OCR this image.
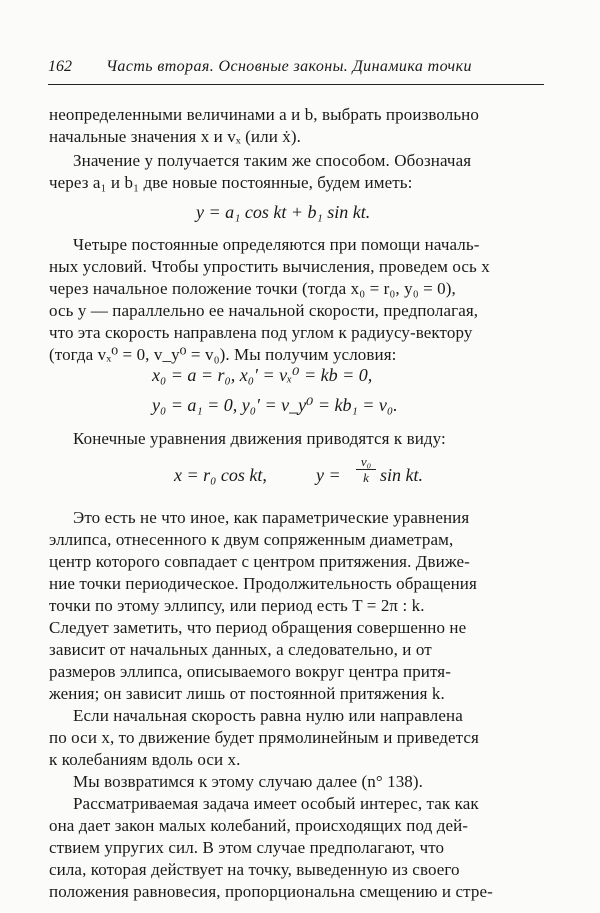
162 Часть вторая. Основные законы. Динамика точки
неопределенными величинами a и b, выбрать произвольно
начальные значения x и vₓ (или ẋ).
Значение y получается таким же способом. Обозначая
через a₁ и b₁ две новые постоянные, будем иметь:
y = a₁ cos kt + b₁ sin kt.
Четыре постоянные определяются при помощи началь-
ных условий. Чтобы упростить вычисления, проведем ось x
через начальное положение точки (тогда x₀ = r₀, y₀ = 0),
ось y — параллельно ее начальной скорости, предполагая,
что эта скорость направлена под углом к радиусу-вектору
(тогда vₓ⁰ = 0, v_y⁰ = v₀). Мы получим условия:
x₀ = a = r₀, x₀′ = vₓ⁰ = kb = 0,
y₀ = a₁ = 0, y₀′ = v_y⁰ = kb₁ = v₀.
Конечные уравнения движения приводятся к виду:
x = r₀ cos kt,	$y = \frac{\text{v₀}}{k}$ sin kt.
Это есть не что иное, как параметрические уравнения
эллипса, отнесенного к двум сопряженным диаметрам,
центр которого совпадает с центром притяжения. Движе-
ние точки периодическое. Продолжительность обращения
точки по этому эллипсу, или период есть T = 2π : k.
Следует заметить, что период обращения совершенно не
зависит от начальных данных, а следовательно, и от
размеров эллипса, описываемого вокруг центра притя-
жения; он зависит лишь от постоянной притяжения k.
Если начальная скорость равна нулю или направлена
по оси x, то движение будет прямолинейным и приведется
к колебаниям вдоль оси x.
Мы возвратимся к этому случаю далее (n° 138).
Рассматриваемая задача имеет особый интерес, так как
она дает закон малых колебаний, происходящих под дей-
ствием упругих сил. В этом случае предполагают, что
сила, которая действует на точку, выведенную из своего
положения равновесия, пропорциональна смещению и стре-
